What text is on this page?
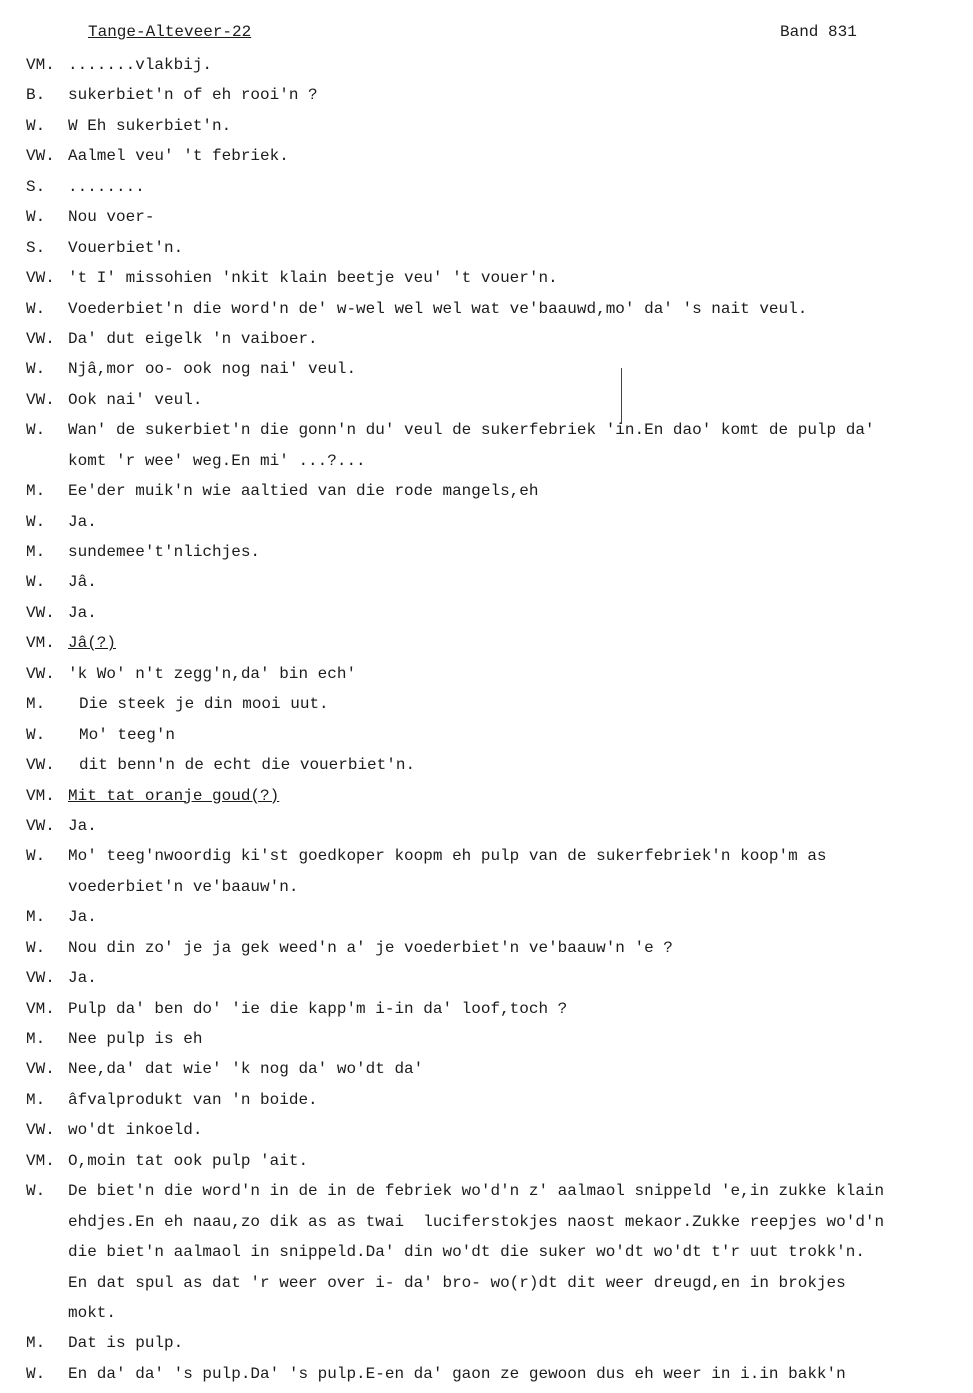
Tange-Alteveer-22	Band 831
VM. .......vlakbij.
B. sukerbiet'n of eh rooi'n ?
W. W Eh sukerbiet'n.
VW. Aalmel veu' 't febriek.
S. ........
W. Nou voer-
S. Vouerbiet'n.
VW. 't I' missohien 'nkit klain beetje veu' 't vouer'n.
W. Voederbiet'n die word'n de' w-wel wel wel wat ve'baauwd,mo' da' 's nait veul.
VW. Da' dut eigelk 'n vaiboer.
W. Njâ,mor oo- ook nog nai' veul.
VW. Ook nai' veul.
W. Wan' de sukerbiet'n die gonn'n du' veul de sukerfebriek 'in.En dao' komt de pulp da'
komt 'r wee' weg.En mi' ...?...
M. Ee'der muik'n wie aaltied van die rode mangels,eh
W. Ja.
M. sundemee't'nlichjes.
W. Jâ.
VW. Ja.
VM. Jâ(?)
VW. 'k Wo' n't zegg'n,da' bin ech'
M. Die steek je din mooi uut.
W. Mo' teeg'n
VW. dit benn'n de echt die vouerbiet'n.
VM. Mit tat oranje goud(?)
VW. Ja.
W. Mo' teeg'nwoordig ki'st goedkoper koopm eh pulp van de sukerfebriek'n koop'm as
voederbiet'n ve'baauw'n.
M. Ja.
W. Nou din zo' je ja gek weed'n a' je voederbiet'n ve'baauw'n 'e ?
VW. Ja.
VM. Pulp da' ben do' 'ie die kapp'm i-in da' loof,toch ?
M. Nee pulp is eh
VW. Nee,da' dat wie' 'k nog da' wo'dt da'
M. âfvalprodukt van 'n boide.
VW. wo'dt inkoeld.
VM. O,moin tat ook pulp 'ait.
W. De biet'n die word'n in de in de febriek wo'd'n z' aalmaol snippeld 'e,in zukke klain
ehdjes.En eh naau,zo dik as as twai  luciferstokjes naost mekaor.Zukke reepjes wo'd'n
die biet'n aalmaol in snippeld.Da' din wo'dt die suker wo'dt wo'dt t'r uut trokk'n.
En dat spul as dat 'r weer over i- da' bro- wo(r)dt dit weer dreugd,en in brokjes
mokt.
M. Dat is pulp.
W. En da' da' 's pulp.Da' 's pulp.E-en da' gaon ze gewoon dus eh weer in i.in bakk'n
